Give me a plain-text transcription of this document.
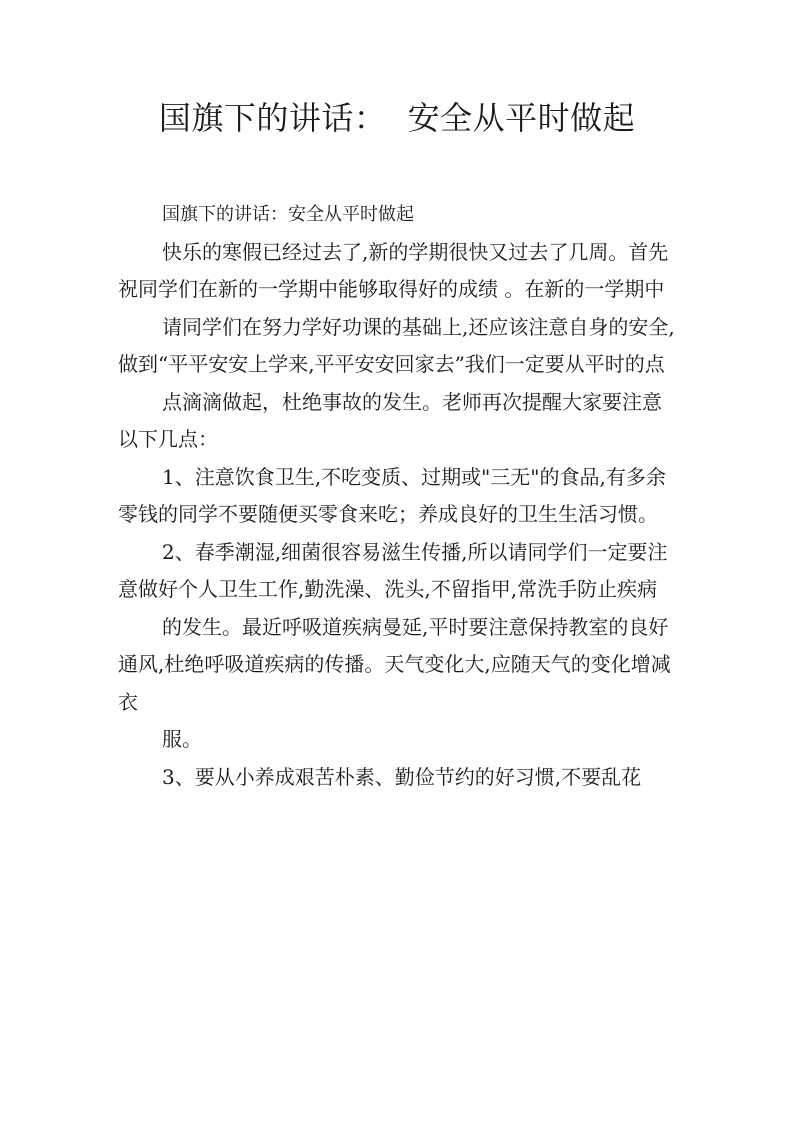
国旗下的讲话：  安全从平时做起

国旗下的讲话：安全从平时做起

快乐的寒假已经过去了,新的学期很快又过去了几周。首先祝同学们在新的一学期中能够取得好的成绩 。在新的一学期中

请同学们在努力学好功课的基础上,还应该注意自身的安全,做到“平平安安上学来,平平安安回家去”我们一定要从平时的点

点滴滴做起，杜绝事故的发生。老师再次提醒大家要注意以下几点：

1、注意饮食卫生,不吃变质、过期或"三无"的食品,有多余零钱的同学不要随便买零食来吃；养成良好的卫生生活习惯。

2、春季潮湿,细菌很容易滋生传播,所以请同学们一定要注意做好个人卫生工作,勤洗澡、洗头,不留指甲,常洗手防止疾病

的发生。最近呼吸道疾病曼延,平时要注意保持教室的良好通风,杜绝呼吸道疾病的传播。天气变化大,应随天气的变化增减衣

服。

3、要从小养成艰苦朴素、勤俭节约的好习惯,不要乱花
